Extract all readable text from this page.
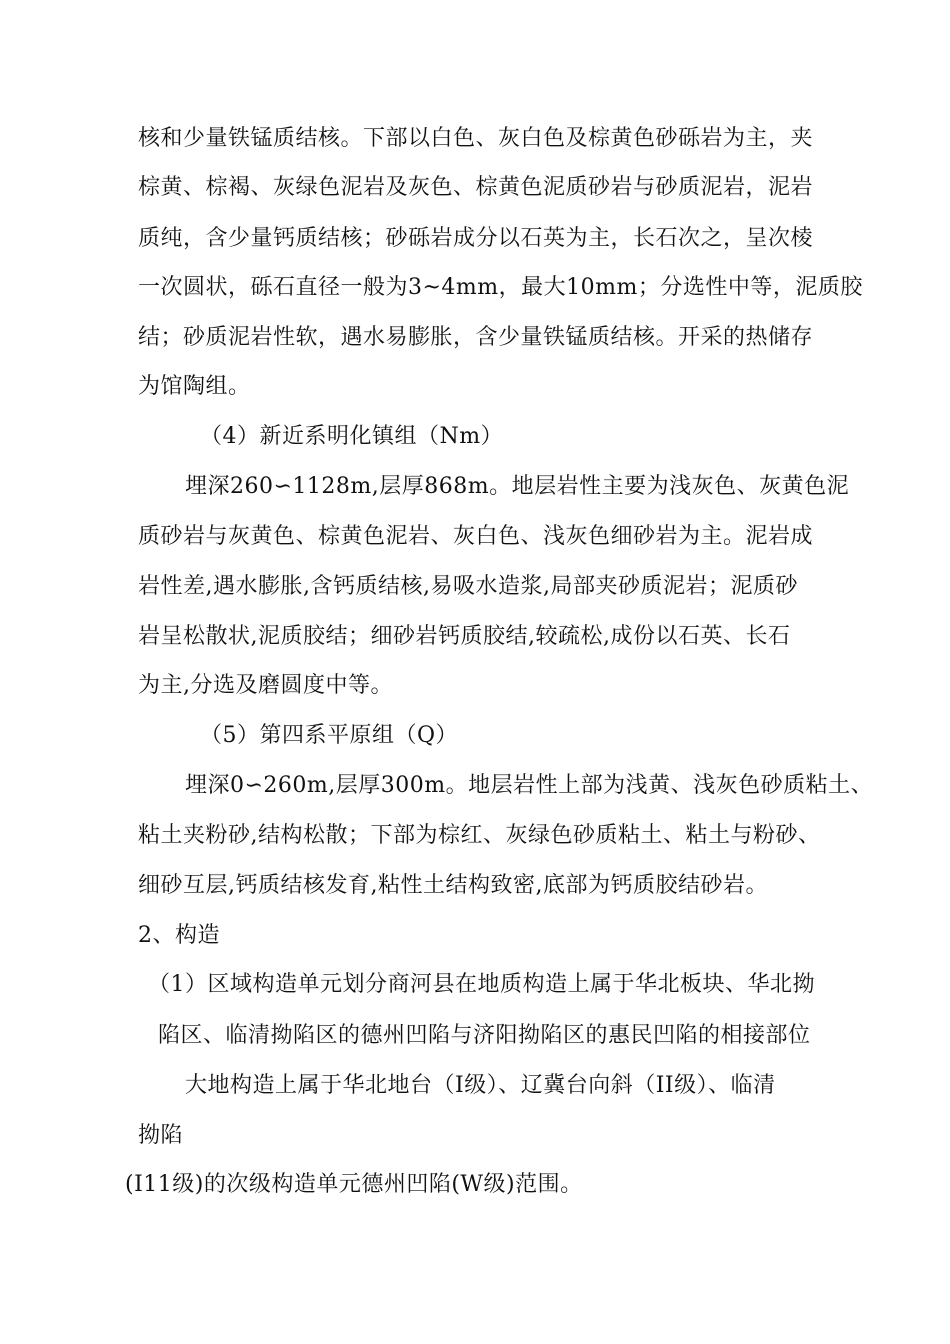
核和少量铁锰质结核。下部以白色、灰白色及棕黄色砂砾岩为主，夹
棕黄、棕褐、灰绿色泥岩及灰色、棕黄色泥质砂岩与砂质泥岩，泥岩
质纯，含少量钙质结核；砂砾岩成分以石英为主，长石次之，呈次棱
一次圆状，砾石直径一般为3~4mm，最大10mm；分选性中等，泥质胶
结；砂质泥岩性软，遇水易膨胀，含少量铁锰质结核。开采的热储存
为馆陶组。
（4）新近系明化镇组（Nm）
埋深260∽1128m,层厚868m。地层岩性主要为浅灰色、灰黄色泥
质砂岩与灰黄色、棕黄色泥岩、灰白色、浅灰色细砂岩为主。泥岩成
岩性差,遇水膨胀,含钙质结核,易吸水造浆,局部夹砂质泥岩；泥质砂
岩呈松散状,泥质胶结；细砂岩钙质胶结,较疏松,成份以石英、长石
为主,分选及磨圆度中等。
（5）第四系平原组（Q）
埋深0∽260m,层厚300m。地层岩性上部为浅黄、浅灰色砂质粘土、
粘土夹粉砂,结构松散；下部为棕红、灰绿色砂质粘土、粘土与粉砂、
细砂互层,钙质结核发育,粘性土结构致密,底部为钙质胶结砂岩。
2、构造
（1）区域构造单元划分商河县在地质构造上属于华北板块、华北拗
陷区、临清拗陷区的德州凹陷与济阳拗陷区的惠民凹陷的相接部位
大地构造上属于华北地台（I级）、辽冀台向斜（II级）、临清
拗陷
(I11级)的次级构造单元德州凹陷(W级)范围。
